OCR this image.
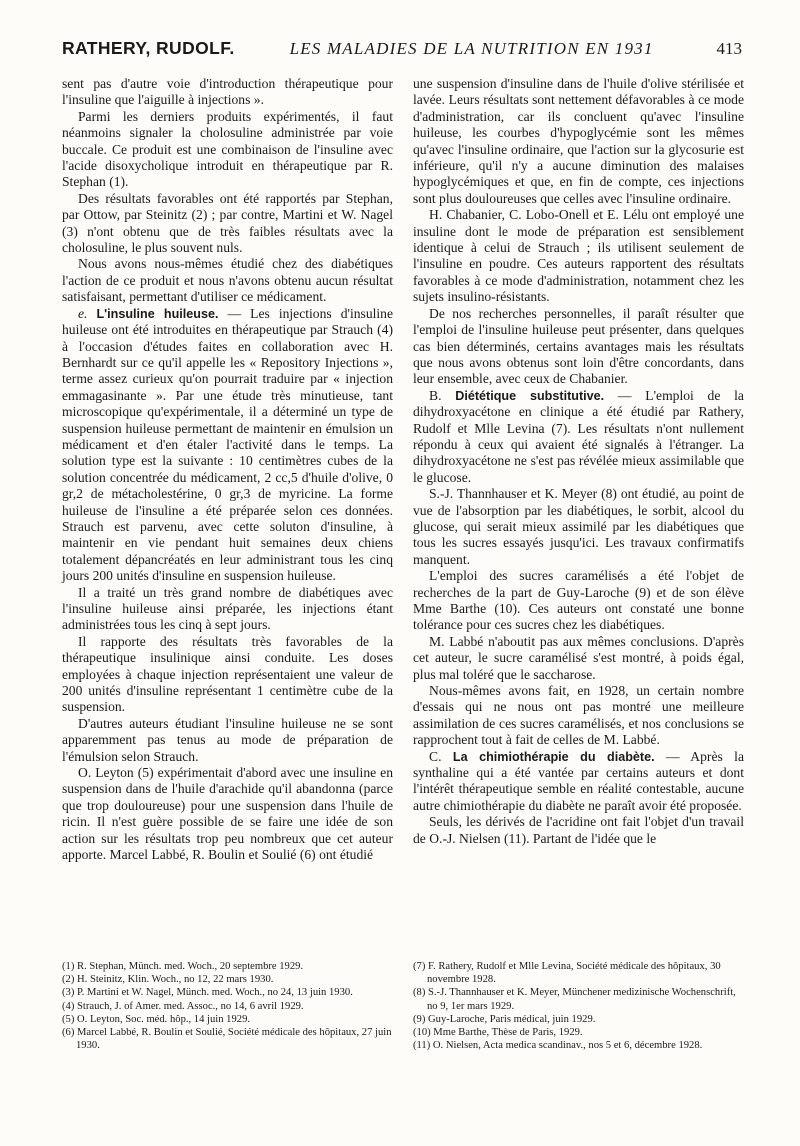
RATHERY, RUDOLF.	LES MALADIES DE LA NUTRITION EN 1931	413

sent pas d'autre voie d'introduction thérapeutique pour l'insuline que l'aiguille à injections ».

Parmi les derniers produits expérimentés, il faut néanmoins signaler la cholosuline administrée par voie buccale. Ce produit est une combinaison de l'insuline avec l'acide disoxycholique introduit en thérapeutique par R. Stephan (1).

Des résultats favorables ont été rapportés par Stephan, par Ottow, par Steinitz (2) ; par contre, Martini et W. Nagel (3) n'ont obtenu que de très faibles résultats avec la cholosuline, le plus souvent nuls.

Nous avons nous-mêmes étudié chez des diabétiques l'action de ce produit et nous n'avons obtenu aucun résultat satisfaisant, permettant d'utiliser ce médicament.

e. L'insuline huileuse. — Les injections d'insuline huileuse ont été introduites en thérapeutique par Strauch (4) à l'occasion d'études faites en collaboration avec H. Bernhardt sur ce qu'il appelle les « Repository Injections », terme assez curieux qu'on pourrait traduire par « injection emmagasinante ». Par une étude très minutieuse, tant microscopique qu'expérimentale, il a déterminé un type de suspension huileuse permettant de maintenir en émulsion un médicament et d'en étaler l'activité dans le temps. La solution type est la suivante : 10 centimètres cubes de la solution concentrée du médicament, 2 cc,5 d'huile d'olive, 0 gr,2 de métacholestérine, 0 gr,3 de myricine. La forme huileuse de l'insuline a été préparée selon ces données. Strauch est parvenu, avec cette soluton d'insuline, à maintenir en vie pendant huit semaines deux chiens totalement dépancréatés en leur administrant tous les cinq jours 200 unités d'insuline en suspension huileuse.

Il a traité un très grand nombre de diabétiques avec l'insuline huileuse ainsi préparée, les injections étant administrées tous les cinq à sept jours.

Il rapporte des résultats très favorables de la thérapeutique insulinique ainsi conduite. Les doses employées à chaque injection représentaient une valeur de 200 unités d'insuline représentant 1 centimètre cube de la suspension.

D'autres auteurs étudiant l'insuline huileuse ne se sont apparemment pas tenus au mode de préparation de l'émulsion selon Strauch.

O. Leyton (5) expérimentait d'abord avec une insuline en suspension dans de l'huile d'arachide qu'il abandonna (parce que trop douloureuse) pour une suspension dans l'huile de ricin. Il n'est guère possible de se faire une idée de son action sur les résultats trop peu nombreux que cet auteur apporte. Marcel Labbé, R. Boulin et Soulié (6) ont étudié

une suspension d'insuline dans de l'huile d'olive stérilisée et lavée. Leurs résultats sont nettement défavorables à ce mode d'administration, car ils concluent qu'avec l'insuline huileuse, les courbes d'hypoglycémie sont les mêmes qu'avec l'insuline ordinaire, que l'action sur la glycosurie est inférieure, qu'il n'y a aucune diminution des malaises hypoglycémiques et que, en fin de compte, ces injections sont plus douloureuses que celles avec l'insuline ordinaire.

H. Chabanier, C. Lobo-Onell et E. Lélu ont employé une insuline dont le mode de préparation est sensiblement identique à celui de Strauch ; ils utilisent seulement de l'insuline en poudre. Ces auteurs rapportent des résultats favorables à ce mode d'administration, notamment chez les sujets insulino-résistants.

De nos recherches personnelles, il paraît résulter que l'emploi de l'insuline huileuse peut présenter, dans quelques cas bien déterminés, certains avantages mais les résultats que nous avons obtenus sont loin d'être concordants, dans leur ensemble, avec ceux de Chabanier.

B. Diététique substitutive. — L'emploi de la dihydroxyacétone en clinique a été étudié par Rathery, Rudolf et Mlle Levina (7). Les résultats n'ont nullement répondu à ceux qui avaient été signalés à l'étranger. La dihydroxyacétone ne s'est pas révélée mieux assimilable que le glucose.

S.-J. Thannhauser et K. Meyer (8) ont étudié, au point de vue de l'absorption par les diabétiques, le sorbit, alcool du glucose, qui serait mieux assimilé par les diabétiques que tous les sucres essayés jusqu'ici. Les travaux confirmatifs manquent.

L'emploi des sucres caramélisés a été l'objet de recherches de la part de Guy-Laroche (9) et de son élève Mme Barthe (10). Ces auteurs ont constaté une bonne tolérance pour ces sucres chez les diabétiques.

M. Labbé n'aboutit pas aux mêmes conclusions. D'après cet auteur, le sucre caramélisé s'est montré, à poids égal, plus mal toléré que le saccharose.

Nous-mêmes avons fait, en 1928, un certain nombre d'essais qui ne nous ont pas montré une meilleure assimilation de ces sucres caramélisés, et nos conclusions se rapprochent tout à fait de celles de M. Labbé.

C. La chimiothérapie du diabète. — Après la synthaline qui a été vantée par certains auteurs et dont l'intérêt thérapeutique semble en réalité contestable, aucune autre chimiothérapie du diabète ne paraît avoir été proposée.

Seuls, les dérivés de l'acridine ont fait l'objet d'un travail de O.-J. Nielsen (11). Partant de l'idée que le

(1) R. Stephan, Münch. med. Woch., 20 septembre 1929.

(2) H. Steinitz, Klin. Woch., no 12, 22 mars 1930.

(3) P. Martini et W. Nagel, Münch. med. Woch., no 24, 13 juin 1930.

(4) Strauch, J. of Amer. med. Assoc., no 14, 6 avril 1929.

(5) O. Leyton, Soc. méd. hôp., 14 juin 1929.

(6) Marcel Labbé, R. Boulin et Soulié, Société médicale des hôpitaux, 27 juin 1930.

(7) F. Rathery, Rudolf et Mlle Levina, Société médicale des hôpitaux, 30 novembre 1928.

(8) S.-J. Thannhauser et K. Meyer, Münchener medizinische Wochenschrift, no 9, 1er mars 1929.

(9) Guy-Laroche, Paris médical, juin 1929.

(10) Mme Barthe, Thèse de Paris, 1929.

(11) O. Nielsen, Acta medica scandinav., nos 5 et 6, décembre 1928.
